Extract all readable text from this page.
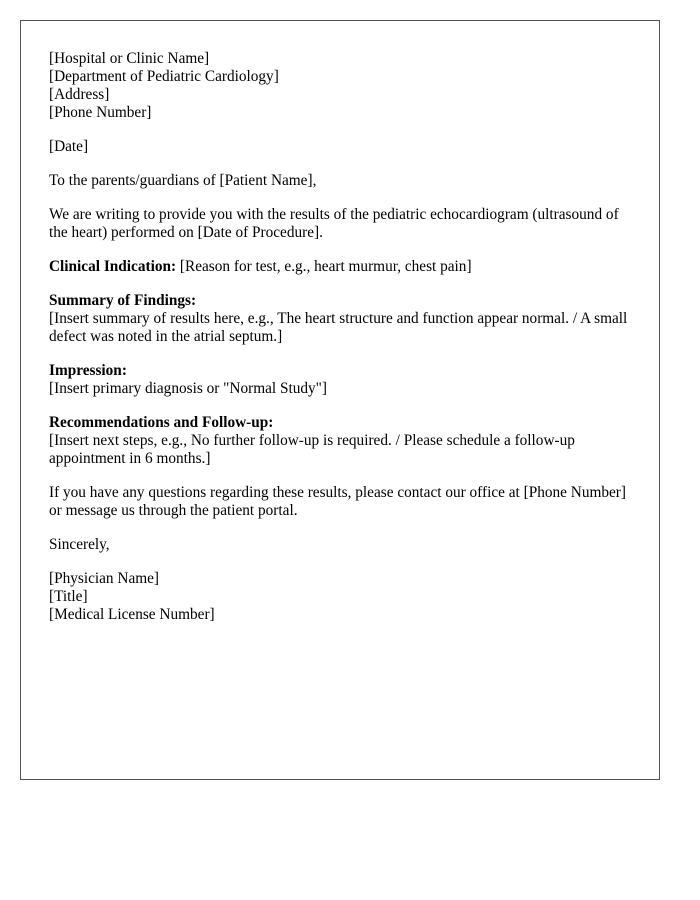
[Hospital or Clinic Name]
[Department of Pediatric Cardiology]
[Address]
[Phone Number]
[Date]
To the parents/guardians of [Patient Name],
We are writing to provide you with the results of the pediatric echocardiogram (ultrasound of the heart) performed on [Date of Procedure].
Clinical Indication: [Reason for test, e.g., heart murmur, chest pain]
Summary of Findings:
[Insert summary of results here, e.g., The heart structure and function appear normal. / A small defect was noted in the atrial septum.]
Impression:
[Insert primary diagnosis or "Normal Study"]
Recommendations and Follow-up:
[Insert next steps, e.g., No further follow-up is required. / Please schedule a follow-up appointment in 6 months.]
If you have any questions regarding these results, please contact our office at [Phone Number] or message us through the patient portal.
Sincerely,
[Physician Name]
[Title]
[Medical License Number]
